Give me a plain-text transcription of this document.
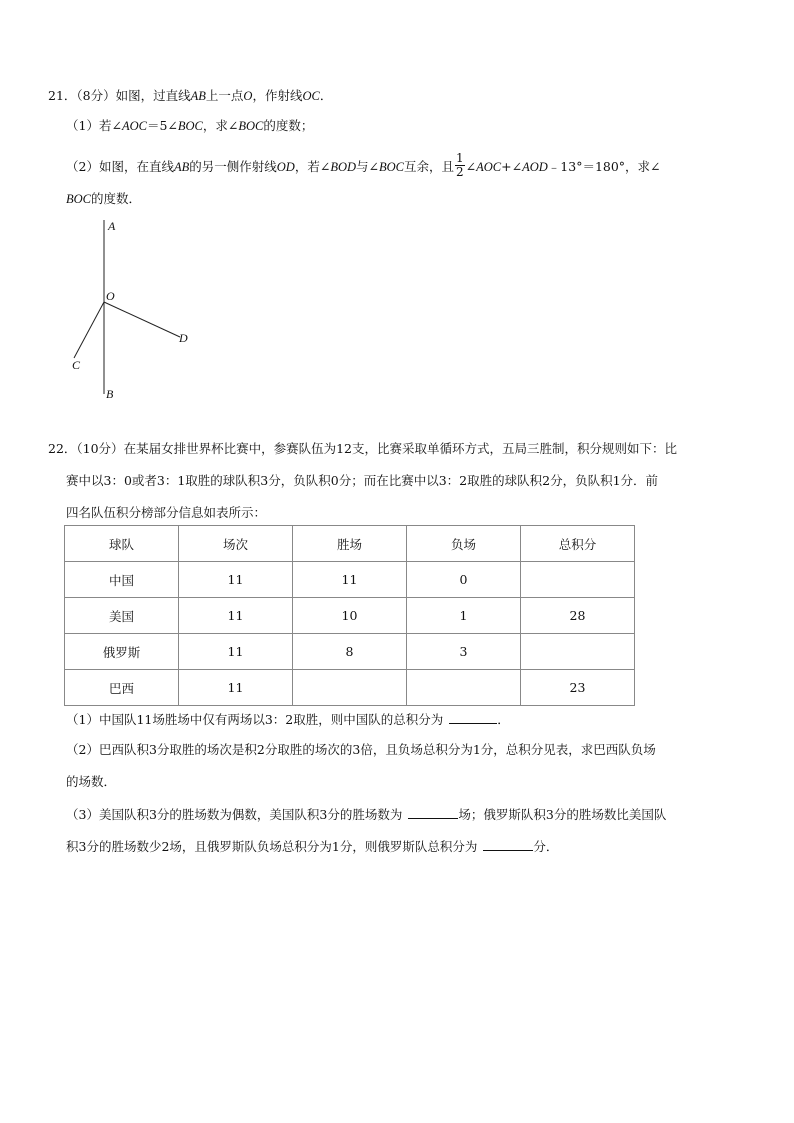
21．（8分）如图，过直线AB上一点O，作射线OC．
（1）若∠AOC＝5∠BOC，求∠BOC的度数；
（2）如图，在直线AB的另一侧作射线OD，若∠BOD与∠BOC互余，且 $\frac{1}{2}$ ∠AOC+∠AOD﹣13°＝180°，求∠
BOC的度数．
A
O
D
C
B
22．（10分）在某届女排世界杯比赛中，参赛队伍为12支，比赛采取单循环方式，五局三胜制，积分规则如下：比
赛中以3：0或者3：1取胜的球队积3分，负队积0分；而在比赛中以3：2取胜的球队积2分，负队积1分．前
四名队伍积分榜部分信息如表所示：
球队	场次	胜场	负场	总积分
中国	11	11	0	
美国	11	10	1	28
俄罗斯	11	8	3	
巴西	11			23
（1）中国队11场胜场中仅有两场以3：2取胜，则中国队的总积分为	．
（2）巴西队积3分取胜的场次是积2分取胜的场次的3倍，且负场总积分为1分，总积分见表，求巴西队负场
的场数．
（3）美国队积3分的胜场数为偶数，美国队积3分的胜场数为	场；俄罗斯队积3分的胜场数比美国队
积3分的胜场数少2场，且俄罗斯队负场总积分为1分，则俄罗斯队总积分为	分．
